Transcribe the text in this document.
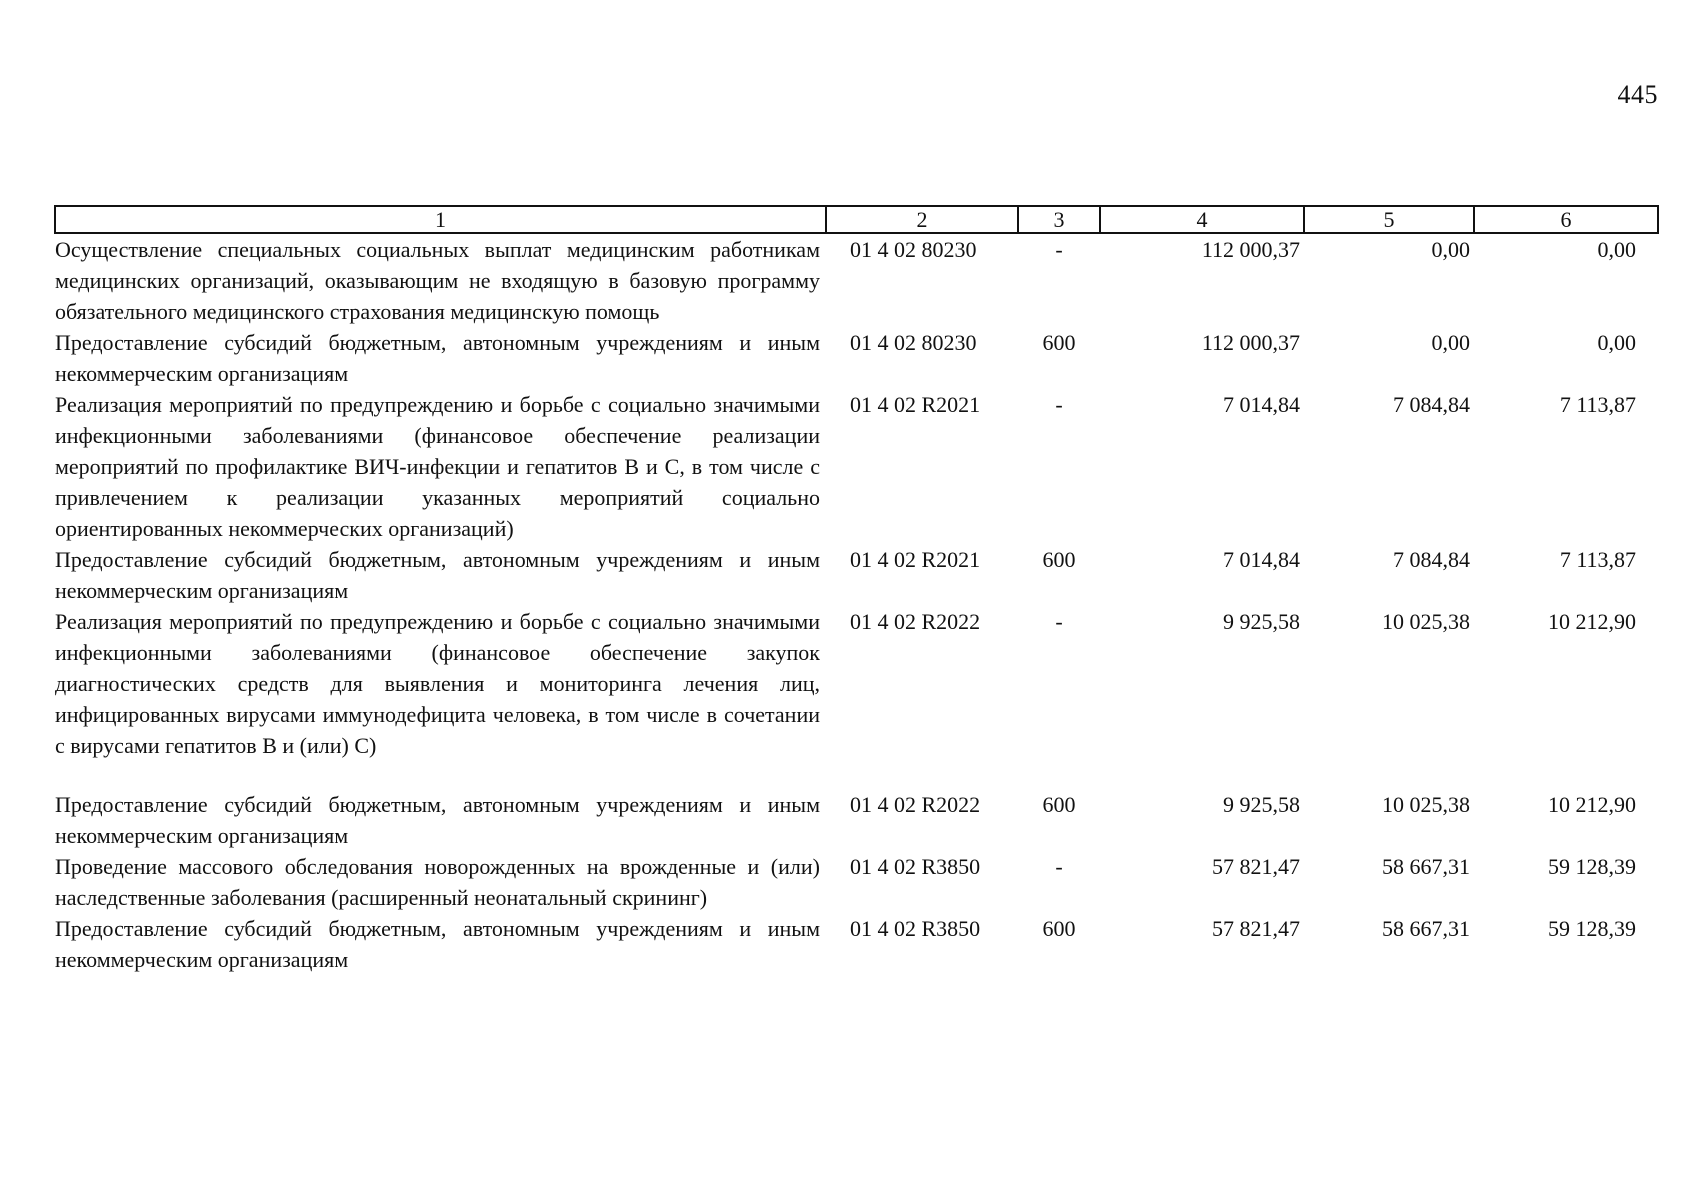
445
1	2	3	4	5	6
Осуществление специальных социальных выплат медицинским работникам медицинских организаций, оказывающим не входящую в базовую программу обязательного медицинского страхования медицинскую помощь	01 4 02 80230	-	112 000,37	0,00	0,00
Предоставление субсидий бюджетным, автономным учреждениям и иным некоммерческим организациям	01 4 02 80230	600	112 000,37	0,00	0,00
Реализация мероприятий по предупреждению и борьбе с социально значимыми инфекционными заболеваниями (финансовое обеспечение реализации мероприятий по профилактике ВИЧ-инфекции и гепатитов В и С, в том числе с привлечением к реализации указанных мероприятий социально ориентированных некоммерческих организаций)	01 4 02 R2021	-	7 014,84	7 084,84	7 113,87
Предоставление субсидий бюджетным, автономным учреждениям и иным некоммерческим организациям	01 4 02 R2021	600	7 014,84	7 084,84	7 113,87
Реализация мероприятий по предупреждению и борьбе с социально значимыми инфекционными заболеваниями (финансовое обеспечение закупок диагностических средств для выявления и мониторинга лечения лиц, инфицированных вирусами иммунодефицита человека, в том числе в сочетании с вирусами гепатитов В и (или) С)	01 4 02 R2022	-	9 925,58	10 025,38	10 212,90

Предоставление субсидий бюджетным, автономным учреждениям и иным некоммерческим организациям	01 4 02 R2022	600	9 925,58	10 025,38	10 212,90
Проведение массового обследования новорожденных на врожденные и (или) наследственные заболевания (расширенный неонатальный скрининг)	01 4 02 R3850	-	57 821,47	58 667,31	59 128,39
Предоставление субсидий бюджетным, автономным учреждениям и иным некоммерческим организациям	01 4 02 R3850	600	57 821,47	58 667,31	59 128,39
